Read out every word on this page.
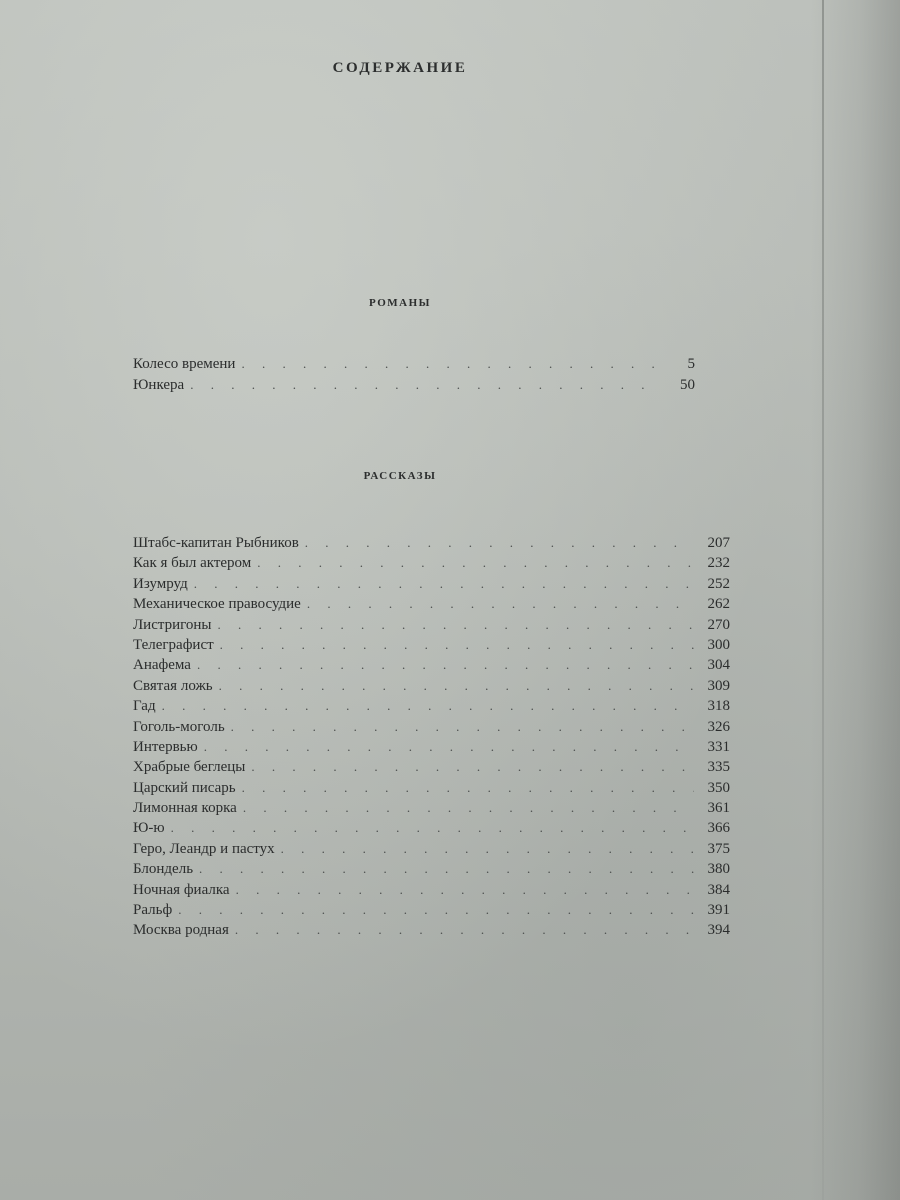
СОДЕРЖАНИЕ
РОМАНЫ
Колесо времени . . .	5
Юнкера . . .	50
РАССКАЗЫ
Штабс-капитан Рыбников . . .	207
Как я был актером . . .	232
Изумруд . . .	252
Механическое правосудие . . .	262
Листригоны . . .	270
Телеграфист . . .	300
Анафема . . .	304
Святая ложь . . .	309
Гад . . .	318
Гоголь-моголь . . .	326
Интервью . . .	331
Храбрые беглецы . . .	335
Царский писарь . . .	350
Лимонная корка . . .	361
Ю-ю . . .	366
Геро, Леандр и пастух . . .	375
Блондель . . .	380
Ночная фиалка . . .	384
Ральф . . .	391
Москва родная . . .	394
